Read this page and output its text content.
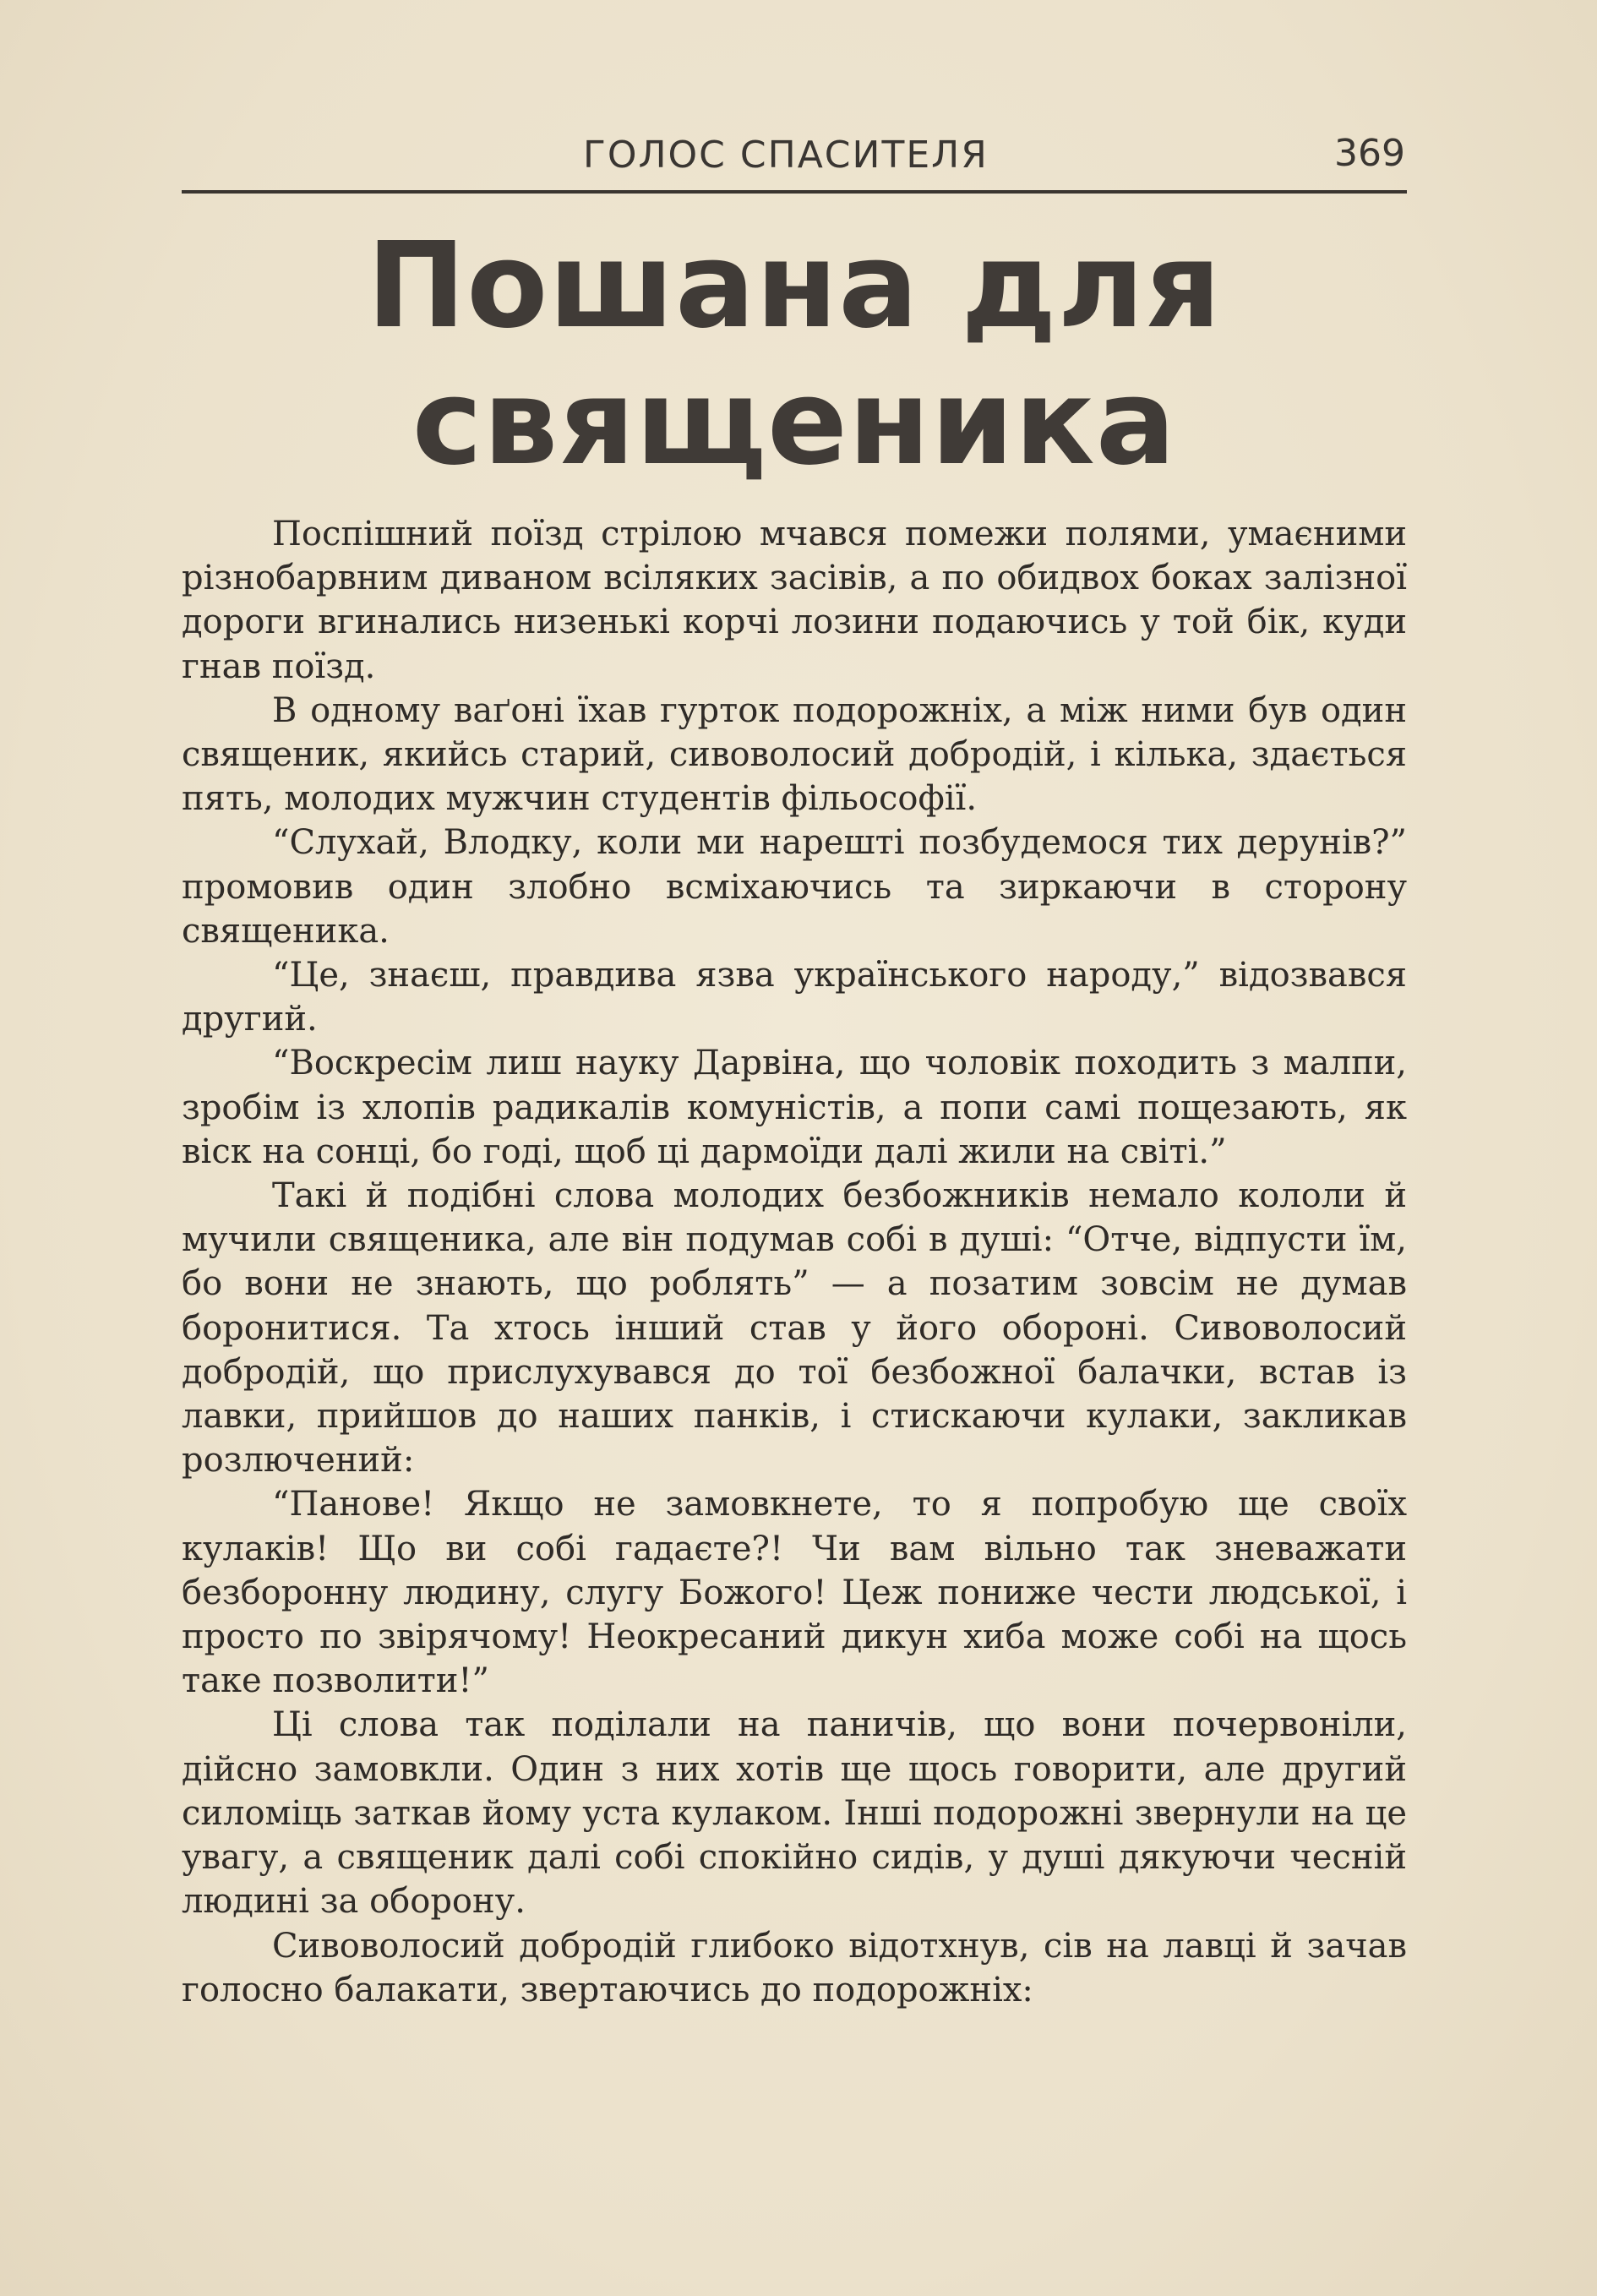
ГОЛОС СПАСИТЕЛЯ	369
Пошана для
священика

Поспішний поїзд стрілою мчався помежи полями, умаєними різнобарвним диваном всіляких засівів, а по обидвох боках залізної дороги вгинались низенькі корчі лозини подаючись у той бік, куди гнав поїзд.

В одному ваґоні їхав гурток подорожніх, а між ними був один священик, якийсь старий, сивоволосий добродій, і кілька, здається пять, молодих мужчин студентів фільософії.

“Слухай, Влодку, коли ми нарешті позбудемося тих дерунів?” промовив один злобно всміхаючись та зиркаючи в сторону священика.

“Це, знаєш, правдива язва українського народу,” відозвався другий.

“Воскресім лиш науку Дарвіна, що чоловік походить з малпи, зробім із хлопів радикалів комуністів, а попи самі пощезають, як віск на сонці, бо годі, щоб ці дармоїди далі жили на світі.”

Такі й подібні слова молодих безбожників немало кололи й мучили священика, але він подумав собі в душі: “Отче, відпусти їм, бо вони не знають, що роблять” — а позатим зовсім не думав боронитися. Та хтось інший став у його обороні. Сивоволосий добродій, що прислухувався до тої безбожної балачки, встав із лавки, прийшов до наших панків, і стискаючи кулаки, закликав розлючений:

“Панове! Якщо не замовкнете, то я попробую ще своїх кулаків! Що ви собі гадаєте?! Чи вам вільно так зневажати безборонну людину, слугу Божого! Цеж пониже чести людської, і просто по звірячому! Неокресаний дикун хиба може собі на щось таке позволити!”

Ці слова так поділали на паничів, що вони почервоніли, дійсно замовкли. Один з них хотів ще щось говорити, але другий силоміць заткав йому уста кулаком. Інші подорожні звернули на це увагу, а священик далі собі спокійно сидів, у душі дякуючи чесній людині за оборону.

Сивоволосий добродій глибоко відотхнув, сів на лавці й зачав голосно балакати, звертаючись до подорожніх:
